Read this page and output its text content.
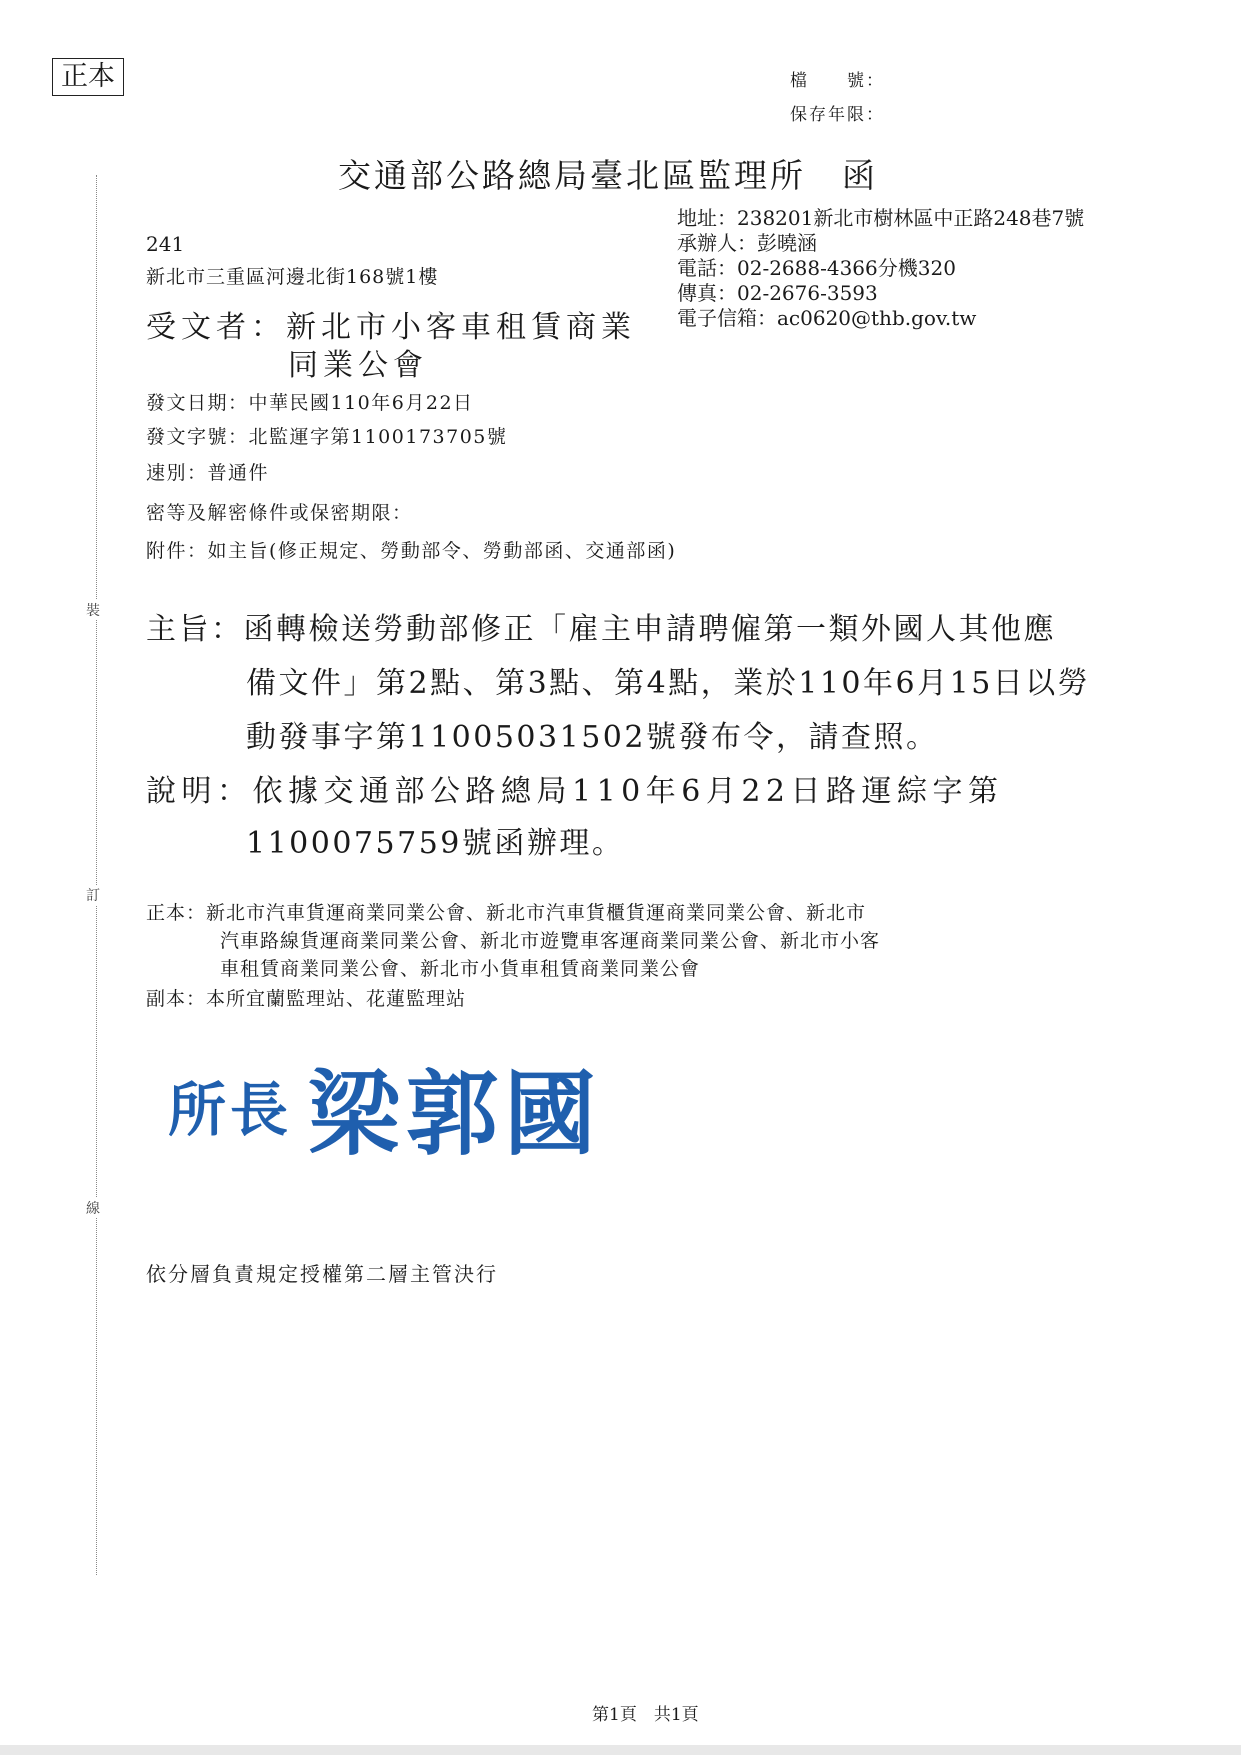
裝
訂
線
正本	檔　　號：
保存年限：
交通部公路總局臺北區監理所　函
地址：238201新北市樹林區中正路248巷7號
承辦人：彭曉涵
電話：02-2688-4366分機320
傳真：02-2676-3593
電子信箱：ac0620@thb.gov.tw
241
新北市三重區河邊北街168號1樓
受文者：新北市小客車租賃商業
同業公會
發文日期：中華民國110年6月22日
發文字號：北監運字第1100173705號
速別：普通件
密等及解密條件或保密期限：
附件：如主旨(修正規定、勞動部令、勞動部函、交通部函)
主旨：函轉檢送勞動部修正「雇主申請聘僱第一類外國人其他應
備文件」第2點、第3點、第4點，業於110年6月15日以勞
動發事字第11005031502號發布令，請查照。
說明：依據交通部公路總局110年6月22日路運綜字第
1100075759號函辦理。
正本：新北市汽車貨運商業同業公會、新北市汽車貨櫃貨運商業同業公會、新北市
汽車路線貨運商業同業公會、新北市遊覽車客運商業同業公會、新北市小客
車租賃商業同業公會、新北市小貨車租賃商業同業公會
副本：本所宜蘭監理站、花蓮監理站
所長 梁郭國
依分層負責規定授權第二層主管決行
第1頁　共1頁
